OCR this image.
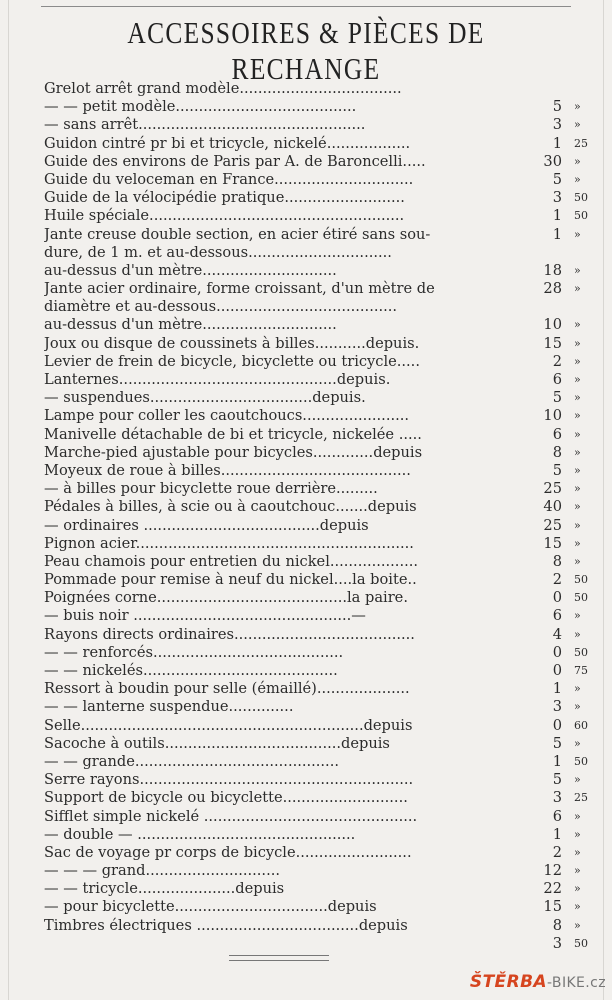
ACCESSOIRES & PIÈCES DE RECHANGE
Grelot arrêt grand modèle...................................
5 »
— — petit modèle.......................................
3 »
— sans arrêt.................................................
1 25
Guidon cintré pr bi et tricycle, nickelé..................
30 »
Guide des environs de Paris par A. de Baroncelli.....
5 »
Guide du veloceman en France..............................
3 50
Guide de la vélocipédie pratique..........................
1 50
Huile spéciale.......................................................
1 »
Jante creuse double section, en acier étiré sans sou-
dure, de 1 m. et au-dessous...............................
18 »
au-dessus d'un mètre.............................
28 »
Jante acier ordinaire, forme croissant, d'un mètre de
diamètre et au-dessous.......................................
10 »
au-dessus d'un mètre.............................
15 »
Joux ou disque de coussinets à billes...........depuis.
2 »
Levier de frein de bicycle, bicyclette ou tricycle.....
6 »
Lanternes...............................................depuis.
5 »
— suspendues...................................depuis.
10 »
Lampe pour coller les caoutchoucs.......................
6 »
Manivelle détachable de bi et tricycle, nickelée .....
8 »
Marche-pied ajustable pour bicycles.............depuis
5 »
Moyeux de roue à billes.........................................
25 »
— à billes pour bicyclette roue derrière.........
40 »
Pédales à billes, à scie ou à caoutchouc.......depuis
25 »
— ordinaires ......................................depuis
15 »
Pignon acier............................................................
8 »
Peau chamois pour entretien du nickel...................
2 50
Pommade pour remise à neuf du nickel....la boite..
0 50
Poignées corne.........................................la paire.
6 »
— buis noir ...............................................—
4 »
Rayons directs ordinaires.......................................
0 50
— — renforcés.........................................
0 75
— — nickelés..........................................
1 »
Ressort à boudin pour selle (émaillé)....................
3 »
— — lanterne suspendue..............
0 60
Selle.............................................................depuis
5 »
Sacoche à outils......................................depuis
1 50
— — grande............................................
5 »
Serre rayons...........................................................
3 25
Support de bicycle ou bicyclette...........................
6 »
Sifflet simple nickelé ..............................................
1 »
— double — ...............................................
2 »
Sac de voyage pr corps de bicycle.........................
12 »
— — — grand.............................
22 »
— — tricycle.....................depuis
15 »
— pour bicyclette.................................depuis
8 »
Timbres électriques ...................................depuis
3 50
ŠTĚRBA-BIKE.cz
